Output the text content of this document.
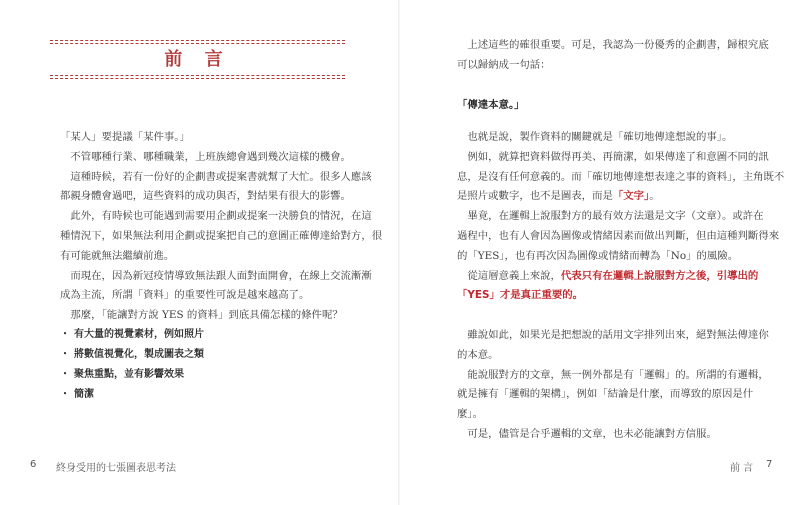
前 言
「某人」要提議「某件事。」
不管哪種行業、哪種職業，上班族總會遇到幾次這樣的機會。
這種時候，若有一份好的企劃書或提案書就幫了大忙。很多人應該
都親身體會過吧，這些資料的成功與否，對結果有很大的影響。
此外，有時候也可能遇到需要用企劃或提案一決勝負的情況，在這
種情況下，如果無法利用企劃或提案把自己的意圖正確傳達給對方，很
有可能就無法繼續前進。
而現在，因為新冠疫情導致無法跟人面對面開會，在線上交流漸漸
成為主流，所謂「資料」的重要性可說是越來越高了。
那麼，「能讓對方說 YES 的資料」到底具備怎樣的條件呢？
・ 有大量的視覺素材，例如照片
・ 將數值視覺化，製成圖表之類
・ 聚焦重點，並有影響效果
・ 簡潔
6 終身受用的七張圖表思考法
上述這些的確很重要。可是，我認為一份優秀的企劃書，歸根究底
可以歸納成一句話：
「傳達本意。」
也就是說，製作資料的關鍵就是「確切地傳達想說的事」。
例如，就算把資料做得再美、再簡潔，如果傳達了和意圖不同的訊
息，是沒有任何意義的。而「確切地傳達想表達之事的資料」，主角既不
是照片或數字，也不是圖表，而是「文字」。
畢竟，在邏輯上說服對方的最有效方法還是文字（文章）。或許在
過程中，也有人會因為圖像或情緒因素而做出判斷，但由這種判斷得來
的「YES」，也有再次因為圖像或情緒而轉為「No」的風險。
從這層意義上來說，代表只有在邏輯上說服對方之後，引導出的
「YES」才是真正重要的。
雖說如此，如果光是把想說的話用文字排列出來，絕對無法傳達你
的本意。
能說服對方的文章，無一例外都是有「邏輯」的。所謂的有邏輯，
就是擁有「邏輯的架構」，例如「結論是什麼，而導致的原因是什
麼」。
可是，儘管是合乎邏輯的文章，也未必能讓對方信服。
前 言 7
